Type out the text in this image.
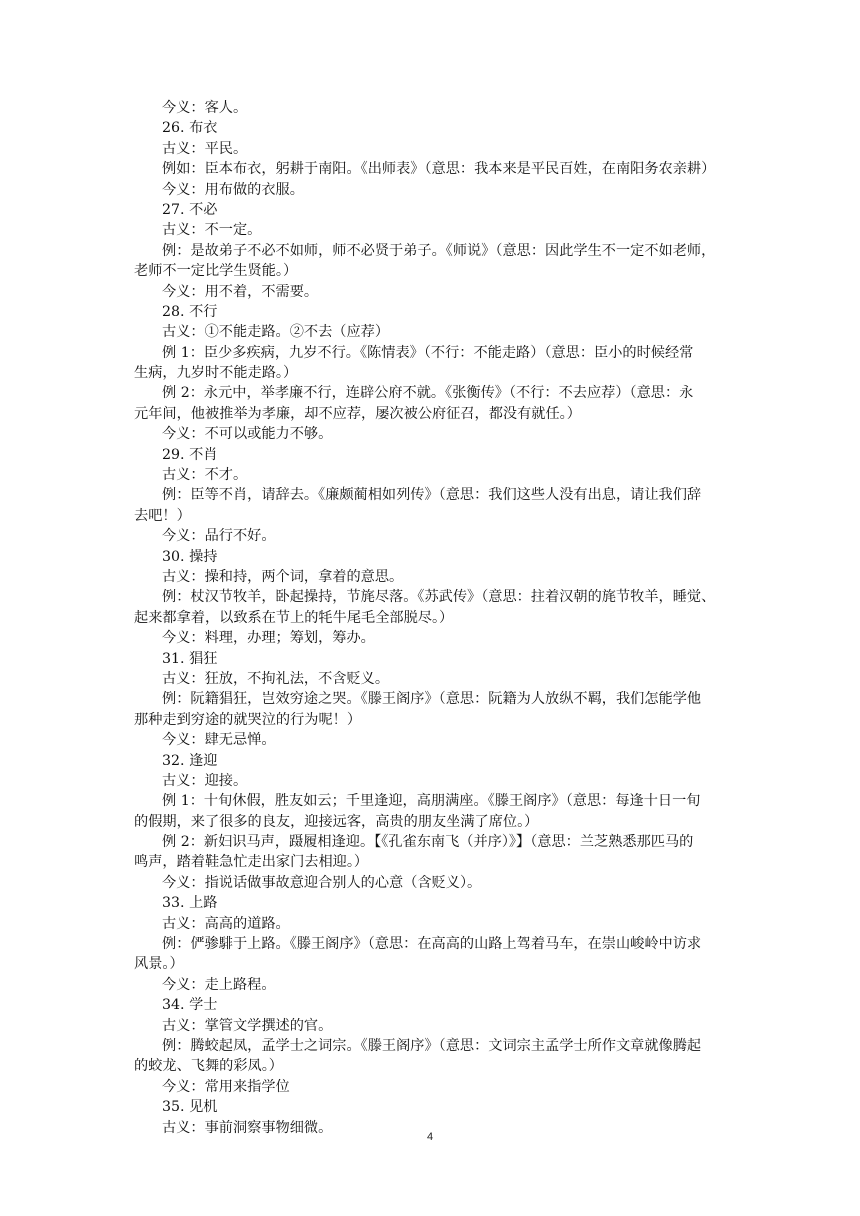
今义：客人。
26. 布衣
古义：平民。
例如：臣本布衣，躬耕于南阳。《出师表》（意思：我本来是平民百姓，在南阳务农亲耕）
今义：用布做的衣服。
27. 不必
古义：不一定。
例：是故弟子不必不如师，师不必贤于弟子。《师说》（意思：因此学生不一定不如老师，
老师不一定比学生贤能。）
今义：用不着，不需要。
28. 不行
古义：①不能走路。②不去（应荐）
例 1：臣少多疾病，九岁不行。《陈情表》（不行：不能走路）（意思：臣小的时候经常
生病，九岁时不能走路。）
例 2：永元中，举孝廉不行，连辟公府不就。《张衡传》（不行：不去应荐）（意思：永
元年间，他被推举为孝廉，却不应荐，屡次被公府征召，都没有就任。）
今义：不可以或能力不够。
29. 不肖
古义：不才。
例：臣等不肖，请辞去。《廉颇蔺相如列传》（意思：我们这些人没有出息，请让我们辞
去吧！）
今义：品行不好。
30. 操持
古义：操和持，两个词，拿着的意思。
例：杖汉节牧羊，卧起操持，节旄尽落。《苏武传》（意思：拄着汉朝的旄节牧羊，睡觉、
起来都拿着，以致系在节上的牦牛尾毛全部脱尽。）
今义：料理，办理；筹划，筹办。
31. 猖狂
古义：狂放，不拘礼法，不含贬义。
例：阮籍猖狂，岂效穷途之哭。《滕王阁序》（意思：阮籍为人放纵不羁，我们怎能学他
那种走到穷途的就哭泣的行为呢！）
今义：肆无忌惮。
32. 逢迎
古义：迎接。
例 1：十旬休假，胜友如云；千里逢迎，高朋满座。《滕王阁序》（意思：每逢十日一旬
的假期，来了很多的良友，迎接远客，高贵的朋友坐满了席位。）
例 2：新妇识马声，蹑履相逢迎。【《孔雀东南飞（并序）》】（意思：兰芝熟悉那匹马的
鸣声，踏着鞋急忙走出家门去相迎。）
今义：指说话做事故意迎合别人的心意（含贬义）。
33. 上路
古义：高高的道路。
例：俨骖騑于上路。《滕王阁序》（意思：在高高的山路上驾着马车，在崇山峻岭中访求
风景。）
今义：走上路程。
34. 学士
古义：掌管文学撰述的官。
例：腾蛟起凤，孟学士之词宗。《滕王阁序》（意思：文词宗主孟学士所作文章就像腾起
的蛟龙、飞舞的彩凤。）
今义：常用来指学位
35. 见机
古义：事前洞察事物细微。
4
